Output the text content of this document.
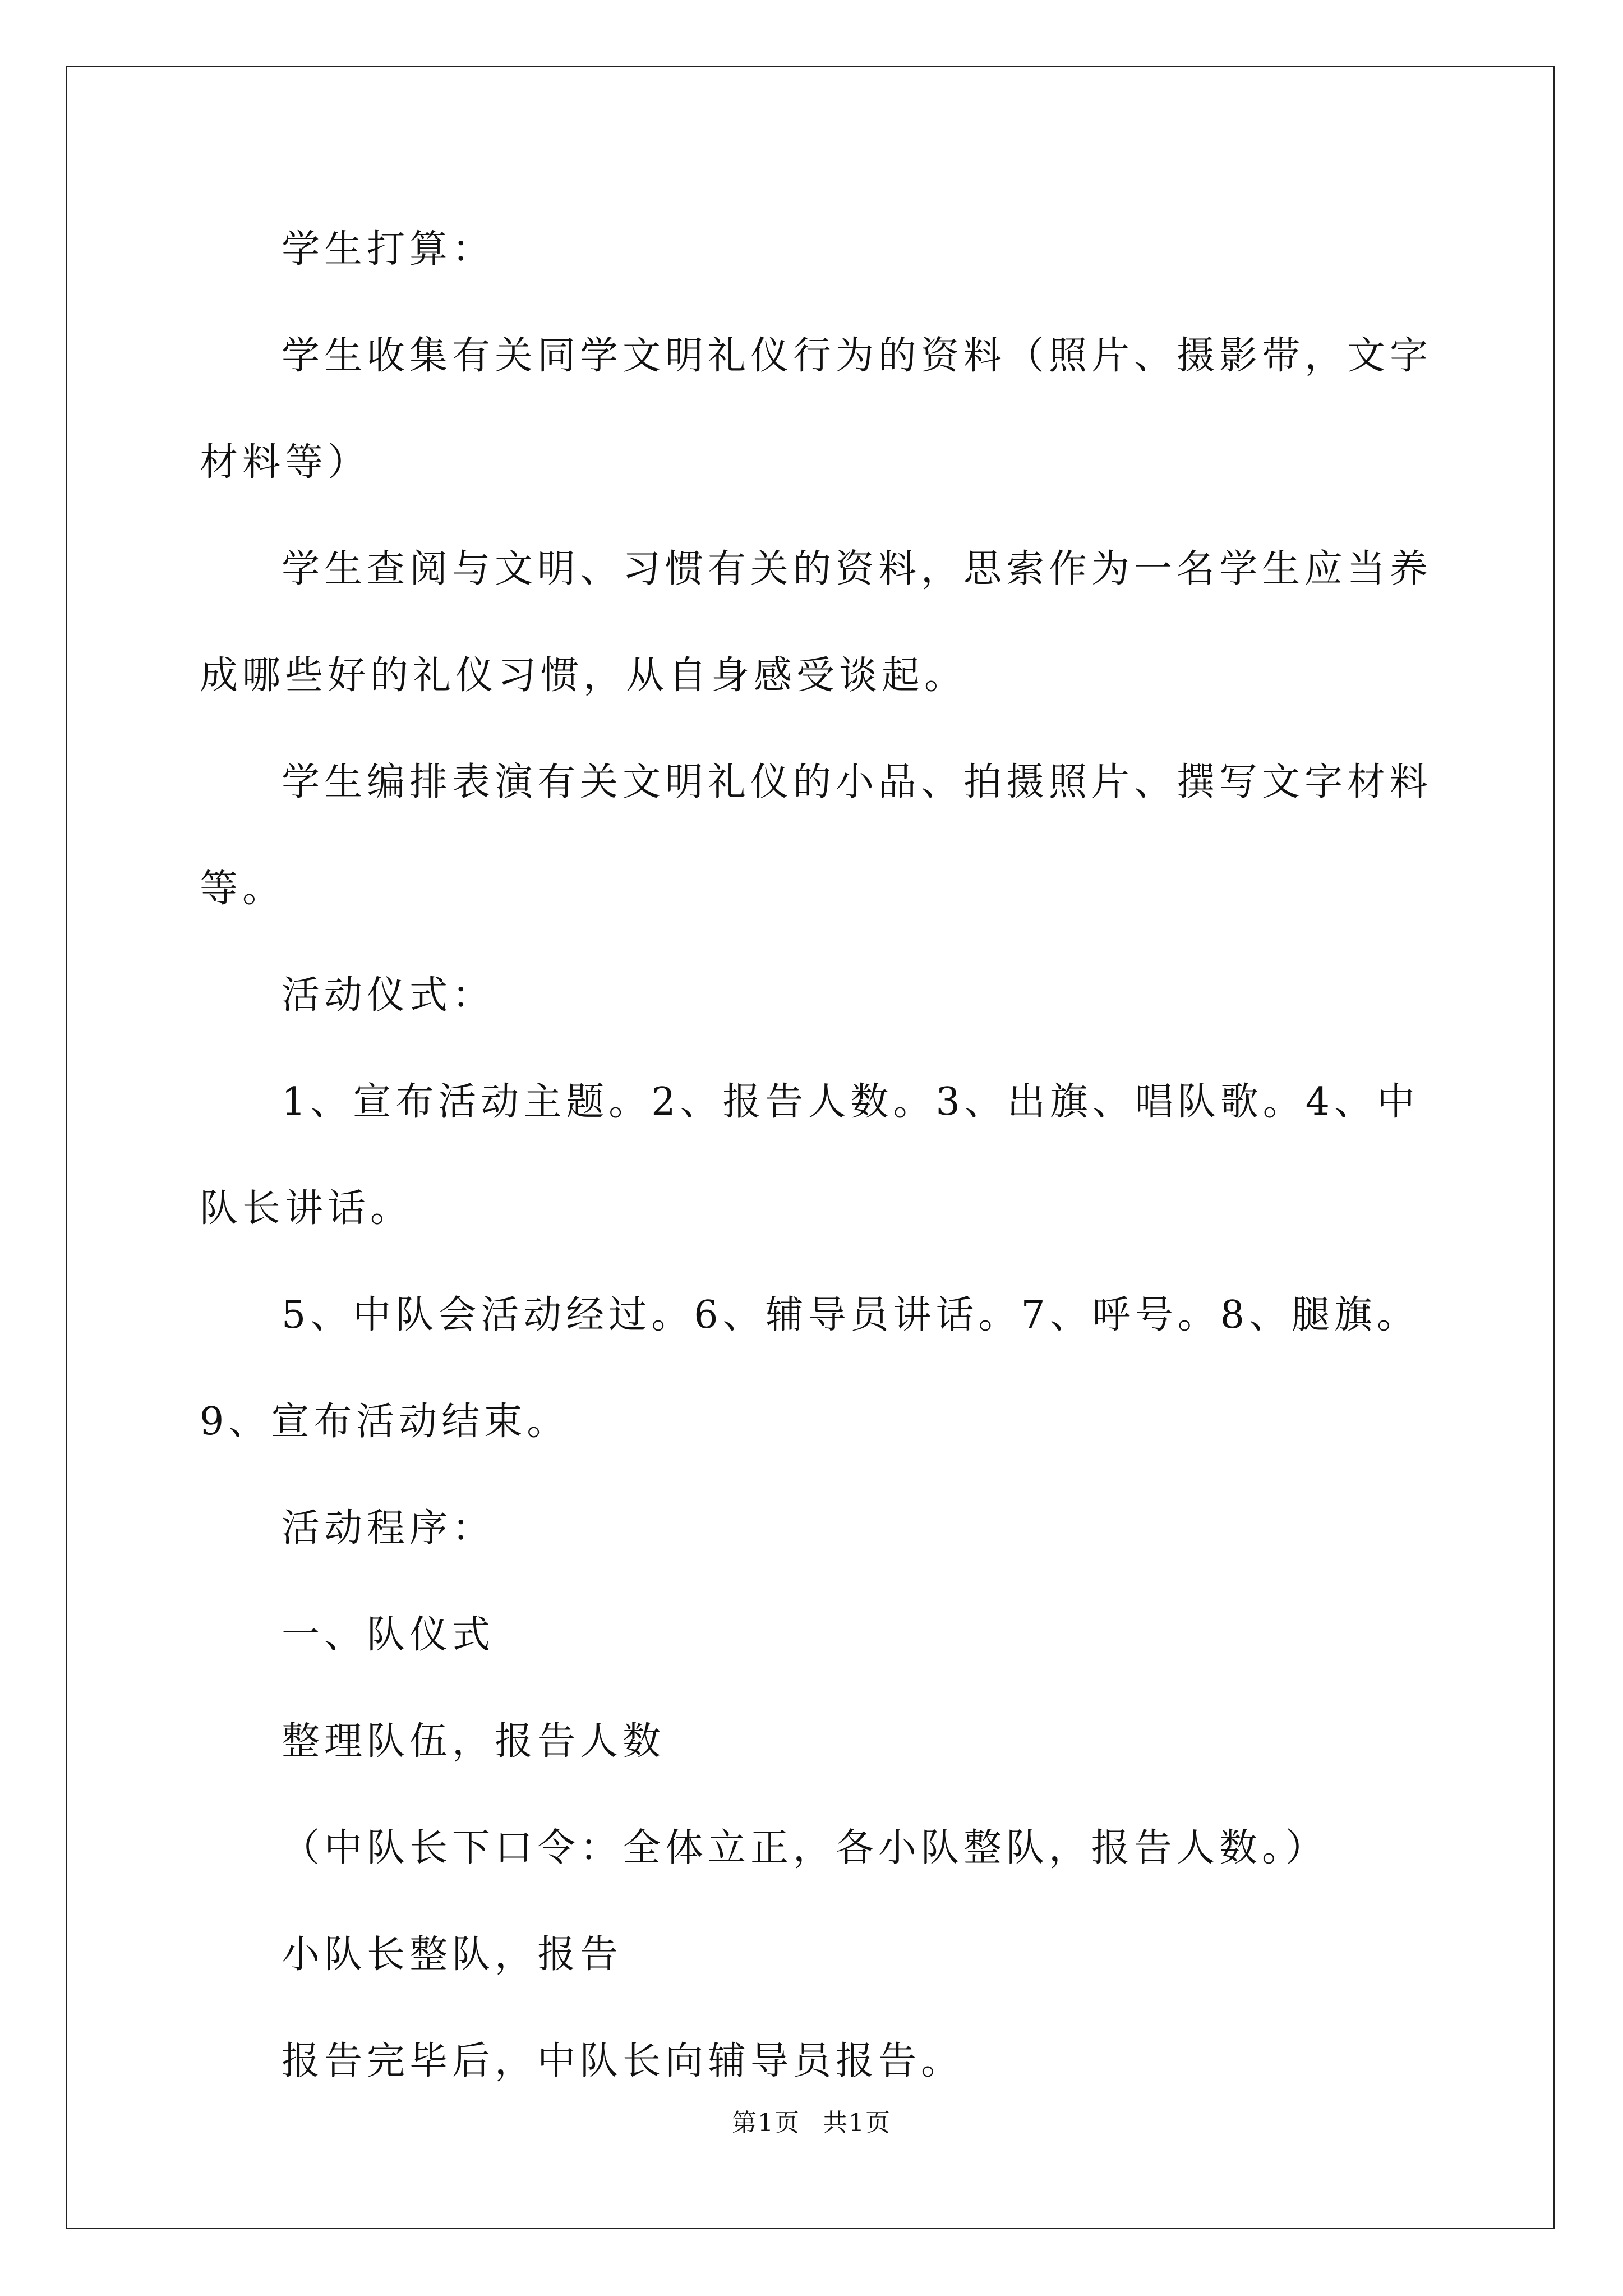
学生打算：

学生收集有关同学文明礼仪行为的资料（照片、摄影带，文字材料等）

学生查阅与文明、习惯有关的资料，思索作为一名学生应当养成哪些好的礼仪习惯，从自身感受谈起。

学生编排表演有关文明礼仪的小品、拍摄照片、撰写文字材料等。

活动仪式：

1、宣布活动主题。2、报告人数。3、出旗、唱队歌。4、中队长讲话。

5、中队会活动经过。6、辅导员讲话。7、呼号。8、腿旗。9、宣布活动结束。

活动程序：

一、队仪式

整理队伍，报告人数

（中队长下口令：全体立正，各小队整队，报告人数。）

小队长整队，报告

报告完毕后，中队长向辅导员报告。

第1页 共1页
